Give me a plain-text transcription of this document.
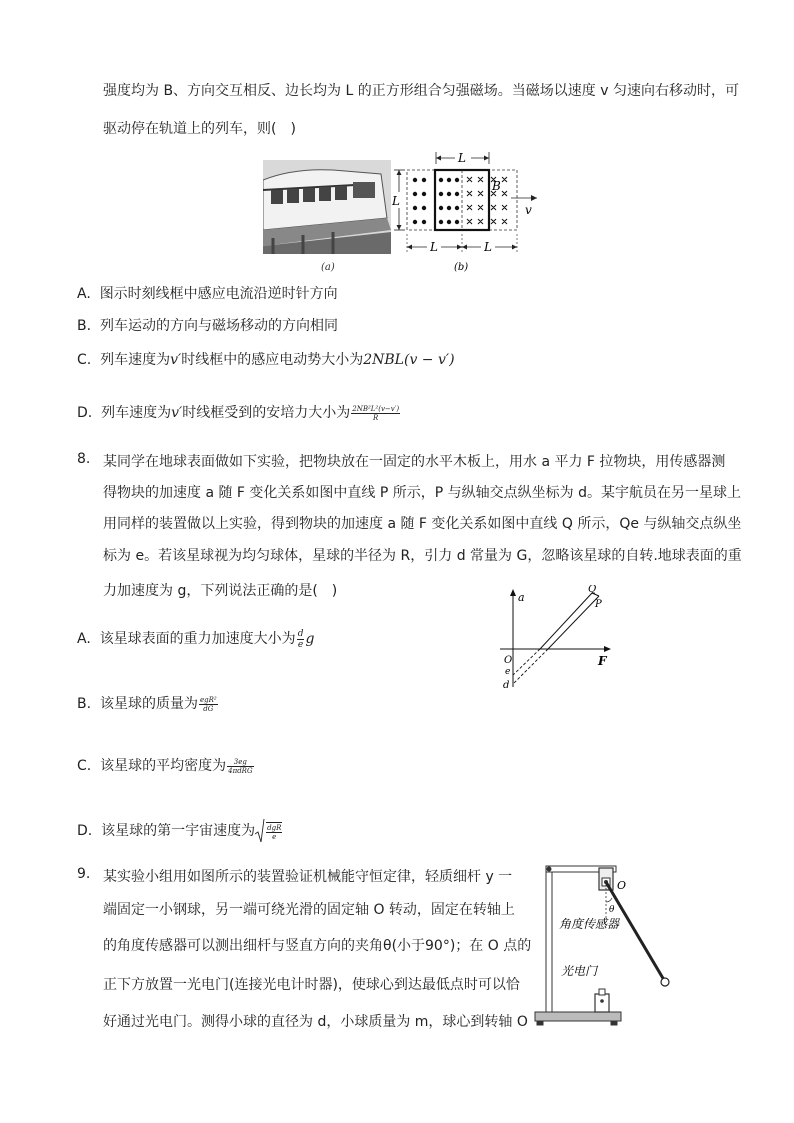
强度均为 B、方向交互相反、边长均为 L 的正方形组合匀强磁场。当磁场以速度 v 匀速向右移动时，可
驱动停在轨道上的列车，则(　)
(a)
L
L
B
v
L	L
(b)
A. 图示时刻线框中感应电流沿逆时针方向
B. 列车运动的方向与磁场移动的方向相同
C. 列车速度为v′时线框中的感应电动势大小为2NBL(v − v′)
D. 列车速度为v′时线框受到的安培力大小为 $\frac{\text{2NB²L²(v−v′)}}{R}$
8. 某同学在地球表面做如下实验，把物块放在一固定的水平木板上，用水 a 平力 F 拉物块，用传感器测
得物块的加速度 a 随 F 变化关系如图中直线 P 所示，P 与纵轴交点纵坐标为 d。某宇航员在另一星球上
用同样的装置做以上实验，得到物块的加速度 a 随 F 变化关系如图中直线 Q 所示，Qe 与纵轴交点纵坐
标为 e。若该星球视为均匀球体，星球的半径为 R，引力 d 常量为 G，忽略该星球的自转.地球表面的重
力加速度为 g，下列说法正确的是(　)	a
F
O
Q
P
e
d
A. 该星球表面的重力加速度大小为 $\frac{d}{e}$ g
B. 该星球的质量为 $\frac{\text{egR²}}{dG}$
C. 该星球的平均密度为 $\frac{3eg}{\text{4πdRG}}$
D. 该星球的第一宇宙速度为 $\frac{\text{dgR}}{e}$
9. 某实验小组用如图所示的装置验证机械能守恒定律，轻质细杆 y 一
端固定一小钢球，另一端可绕光滑的固定轴 O 转动，固定在转轴上
的角度传感器可以测出细杆与竖直方向的夹角θ(小于90°)；在 O 点的
正下方放置一光电门(连接光电计时器)，使球心到达最低点时可以恰
好通过光电门。测得小球的直径为 d，小球质量为 m，球心到转轴 O
O
θ
角度传感器
光电门
